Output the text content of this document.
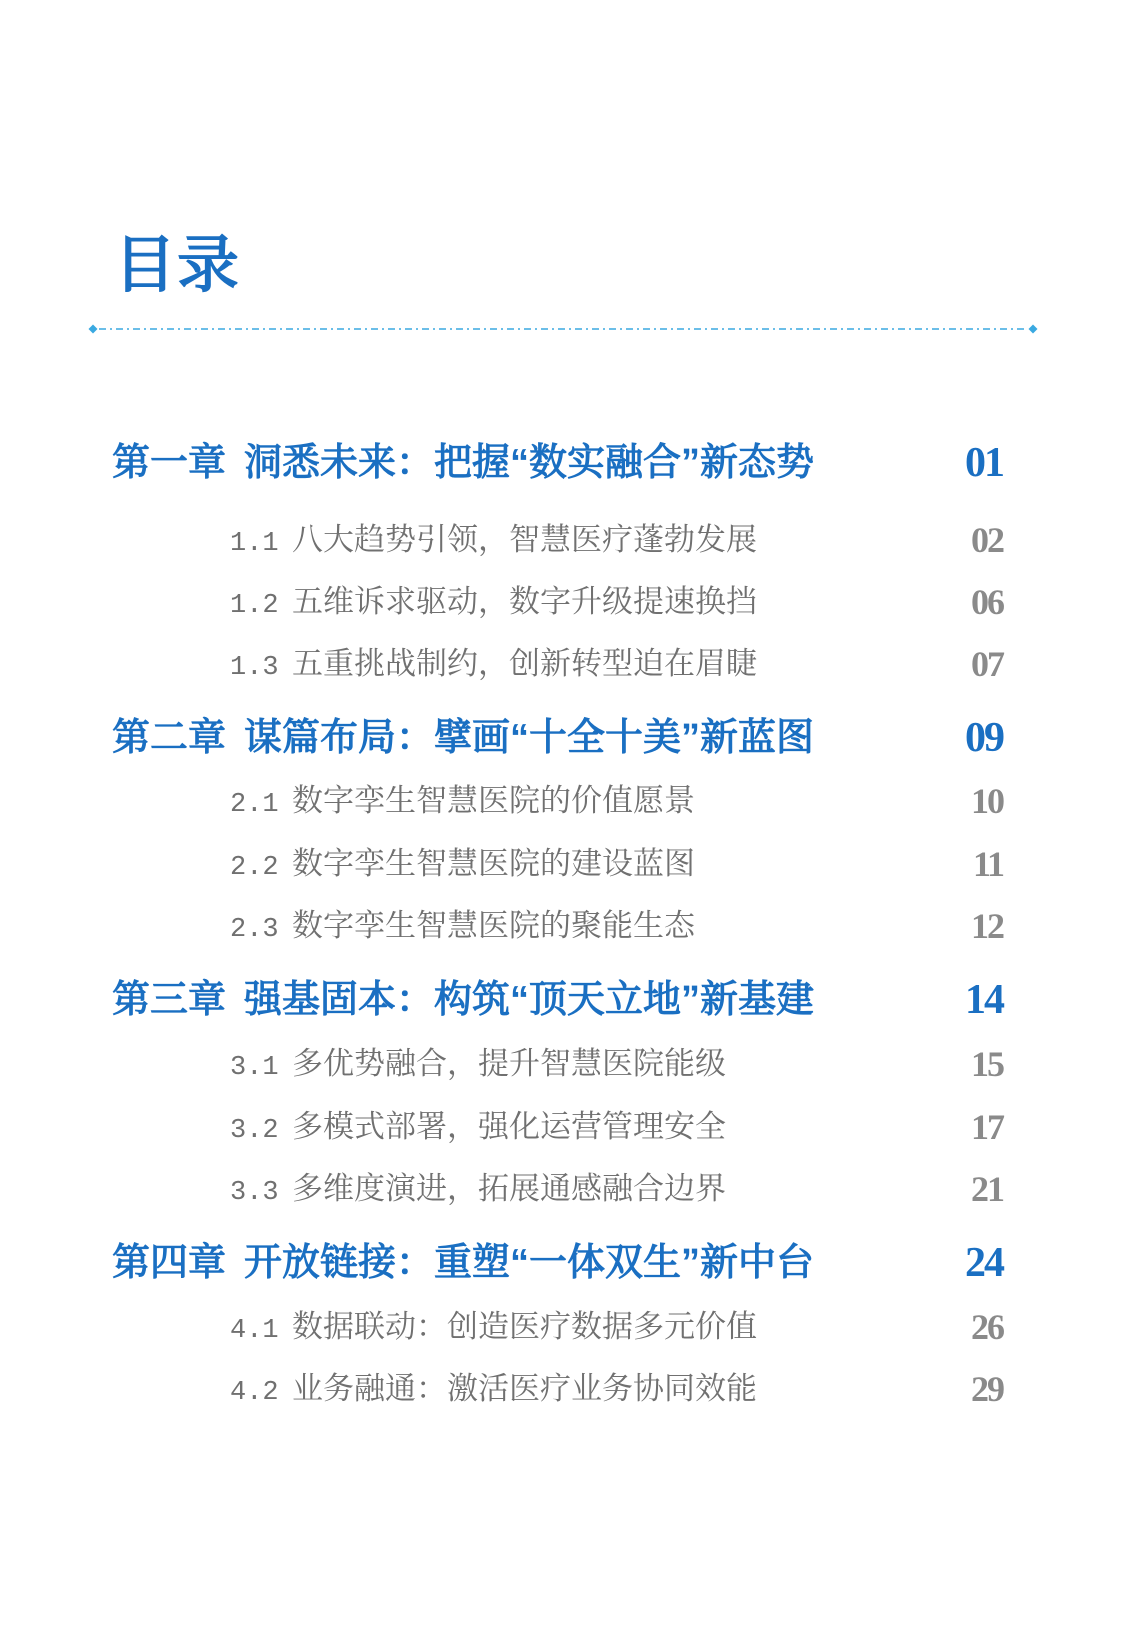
目录
第一章 洞悉未来：把握“数实融合”新态势	01
1.1 八大趋势引领，智慧医疗蓬勃发展	02
1.2 五维诉求驱动，数字升级提速换挡	06
1.3 五重挑战制约，创新转型迫在眉睫	07
第二章 谋篇布局：擘画“十全十美”新蓝图	09
2.1 数字孪生智慧医院的价值愿景	10
2.2 数字孪生智慧医院的建设蓝图	11
2.3 数字孪生智慧医院的聚能生态	12
第三章 强基固本：构筑“顶天立地”新基建	14
3.1 多优势融合，提升智慧医院能级	15
3.2 多模式部署，强化运营管理安全	17
3.3 多维度演进，拓展通感融合边界	21
第四章 开放链接：重塑“一体双生”新中台	24
4.1 数据联动：创造医疗数据多元价值	26
4.2 业务融通：激活医疗业务协同效能	29
